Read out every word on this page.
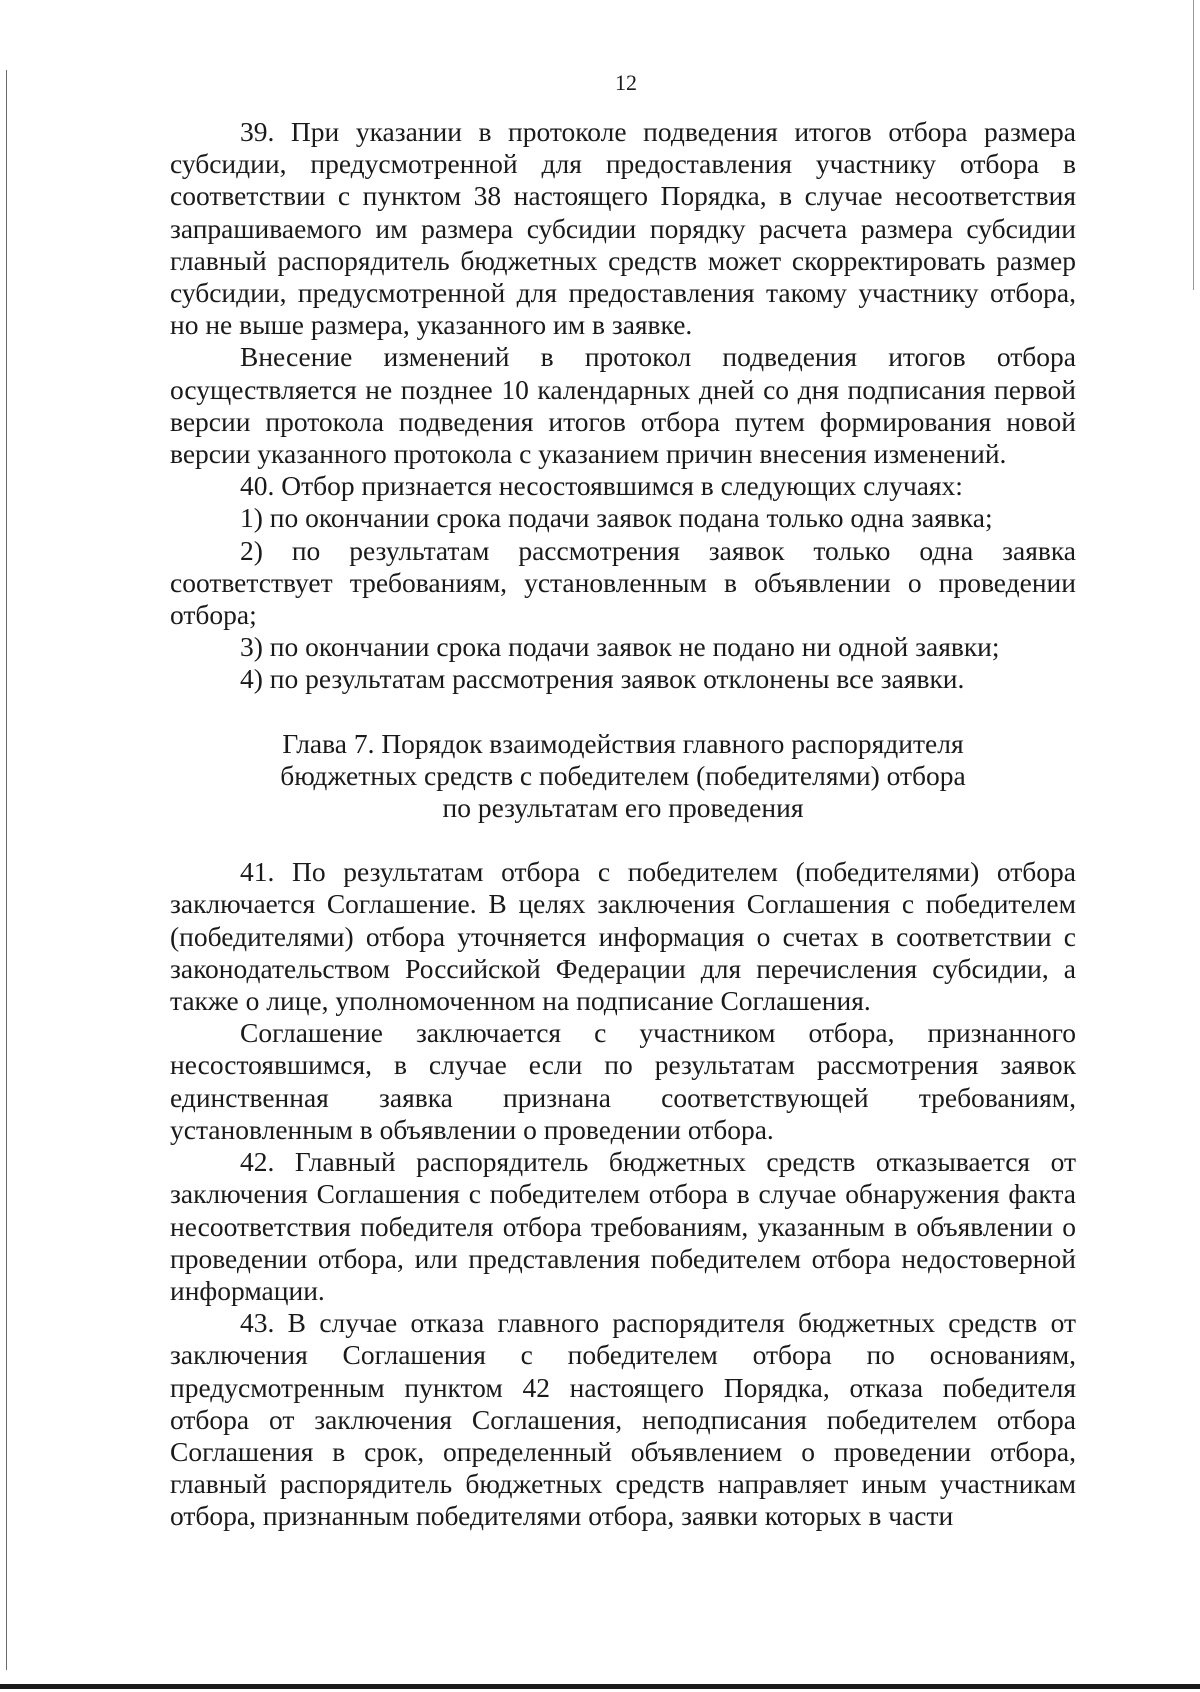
12

39. При указании в протоколе подведения итогов отбора размера субсидии, предусмотренной для предоставления участнику отбора в соответствии с пунктом 38 настоящего Порядка, в случае несоответствия запрашиваемого им размера субсидии порядку расчета размера субсидии главный распорядитель бюджетных средств может скорректировать размер субсидии, предусмотренной для предоставления такому участнику отбора, но не выше размера, указанного им в заявке.

Внесение изменений в протокол подведения итогов отбора осуществляется не позднее 10 календарных дней со дня подписания первой версии протокола подведения итогов отбора путем формирования новой версии указанного протокола с указанием причин внесения изменений.

40. Отбор признается несостоявшимся в следующих случаях:

1) по окончании срока подачи заявок подана только одна заявка;

2) по результатам рассмотрения заявок только одна заявка соответствует требованиям, установленным в объявлении о проведении отбора;

3) по окончании срока подачи заявок не подано ни одной заявки;

4) по результатам рассмотрения заявок отклонены все заявки.

Глава 7. Порядок взаимодействия главного распорядителя
бюджетных средств с победителем (победителями) отбора
по результатам его проведения

41. По результатам отбора с победителем (победителями) отбора заключается Соглашение. В целях заключения Соглашения с победителем (победителями) отбора уточняется информация о счетах в соответствии с законодательством Российской Федерации для перечисления субсидии, а также о лице, уполномоченном на подписание Соглашения.

Соглашение заключается с участником отбора, признанного несостоявшимся, в случае если по результатам рассмотрения заявок единственная заявка признана соответствующей требованиям, установленным в объявлении о проведении отбора.

42. Главный распорядитель бюджетных средств отказывается от заключения Соглашения с победителем отбора в случае обнаружения факта несоответствия победителя отбора требованиям, указанным в объявлении о проведении отбора, или представления победителем отбора недостоверной информации.

43. В случае отказа главного распорядителя бюджетных средств от заключения Соглашения с победителем отбора по основаниям, предусмотренным пунктом 42 настоящего Порядка, отказа победителя отбора от заключения Соглашения, неподписания победителем отбора Соглашения в срок, определенный объявлением о проведении отбора, главный распорядитель бюджетных средств направляет иным участникам отбора, признанным победителями отбора, заявки которых в части
